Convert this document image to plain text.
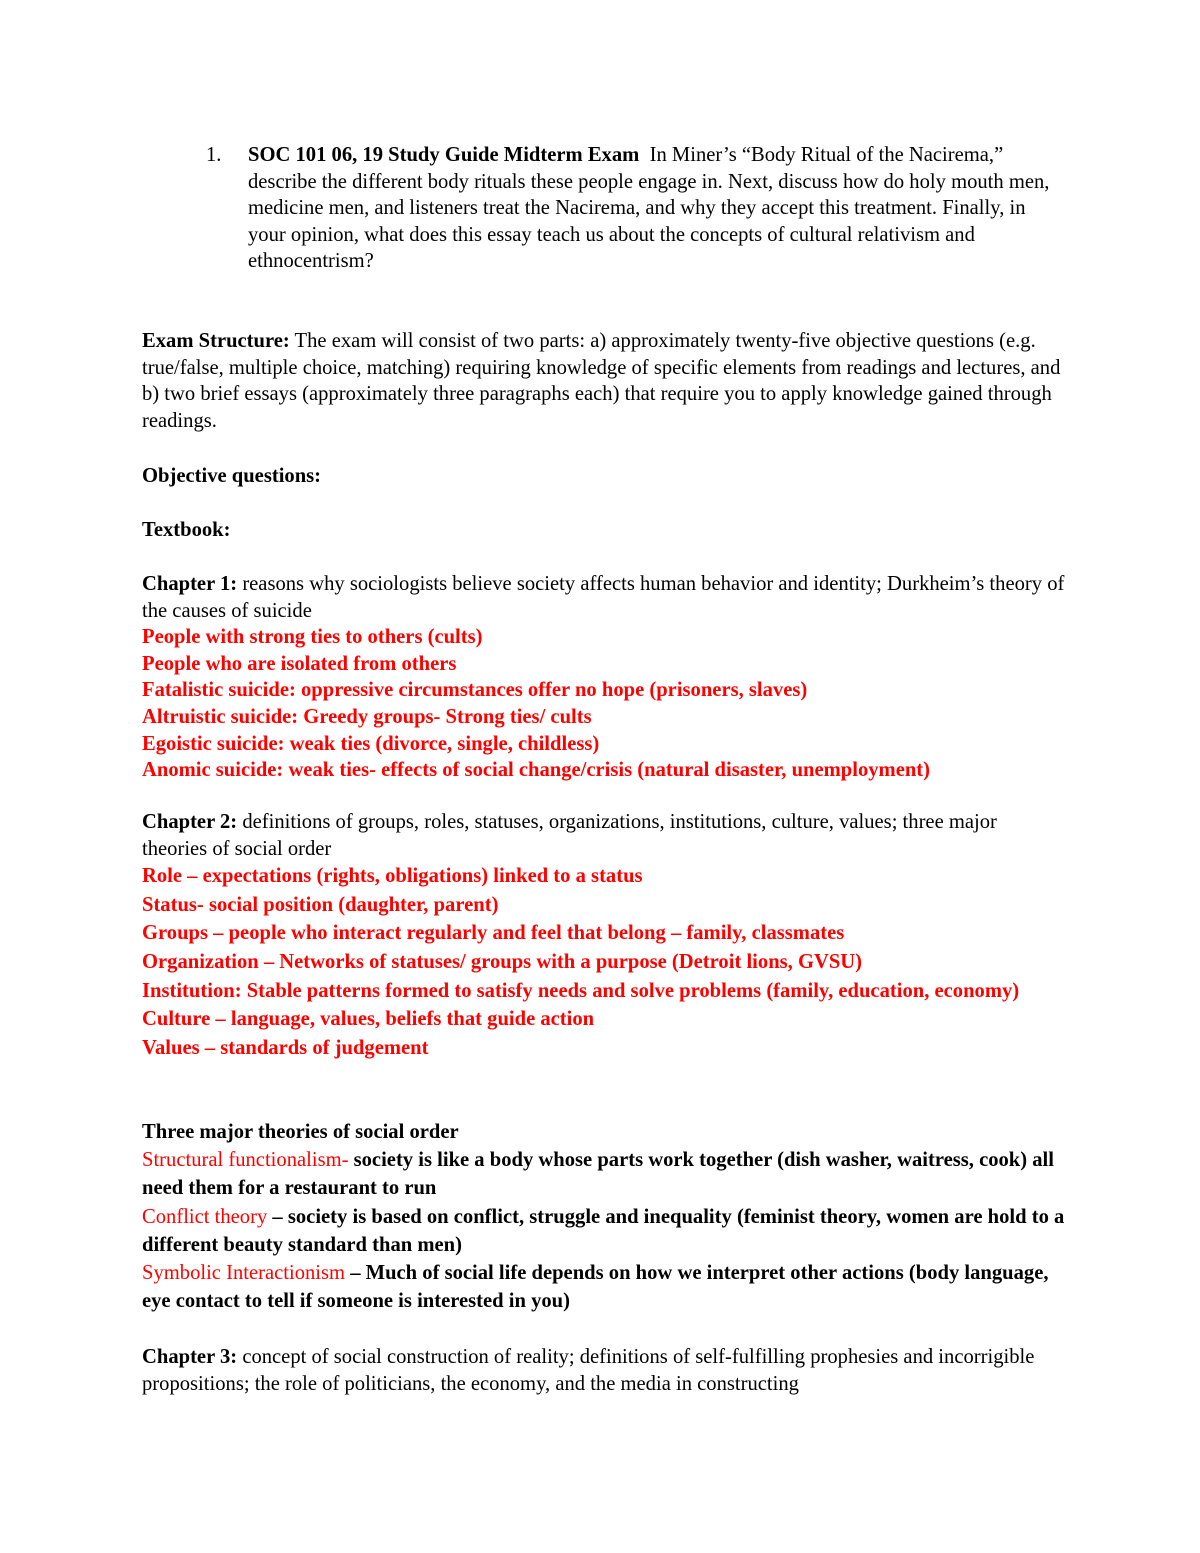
1. SOC 101 06, 19 Study Guide Midterm Exam In Miner’s “Body Ritual of the Nacirema,” describe the different body rituals these people engage in. Next, discuss how do holy mouth men, medicine men, and listeners treat the Nacirema, and why they accept this treatment. Finally, in your opinion, what does this essay teach us about the concepts of cultural relativism and ethnocentrism?
Exam Structure: The exam will consist of two parts: a) approximately twenty-five objective questions (e.g. true/false, multiple choice, matching) requiring knowledge of specific elements from readings and lectures, and b) two brief essays (approximately three paragraphs each) that require you to apply knowledge gained through readings.
Objective questions:
Textbook:
Chapter 1: reasons why sociologists believe society affects human behavior and identity; Durkheim’s theory of the causes of suicide
People with strong ties to others (cults)
People who are isolated from others
Fatalistic suicide: oppressive circumstances offer no hope (prisoners, slaves)
Altruistic suicide: Greedy groups- Strong ties/ cults
Egoistic suicide: weak ties (divorce, single, childless)
Anomic suicide: weak ties- effects of social change/crisis (natural disaster, unemployment)
Chapter 2: definitions of groups, roles, statuses, organizations, institutions, culture, values; three major theories of social order
Role – expectations (rights, obligations) linked to a status
Status- social position (daughter, parent)
Groups – people who interact regularly and feel that belong – family, classmates
Organization – Networks of statuses/ groups with a purpose (Detroit lions, GVSU)
Institution: Stable patterns formed to satisfy needs and solve problems (family, education, economy)
Culture – language, values, beliefs that guide action
Values – standards of judgement
Three major theories of social order
Structural functionalism- society is like a body whose parts work together (dish washer, waitress, cook) all need them for a restaurant to run
Conflict theory – society is based on conflict, struggle and inequality (feminist theory, women are hold to a different beauty standard than men)
Symbolic Interactionism – Much of social life depends on how we interpret other actions (body language, eye contact to tell if someone is interested in you)
Chapter 3: concept of social construction of reality; definitions of self-fulfilling prophesies and incorrigible propositions; the role of politicians, the economy, and the media in constructing
